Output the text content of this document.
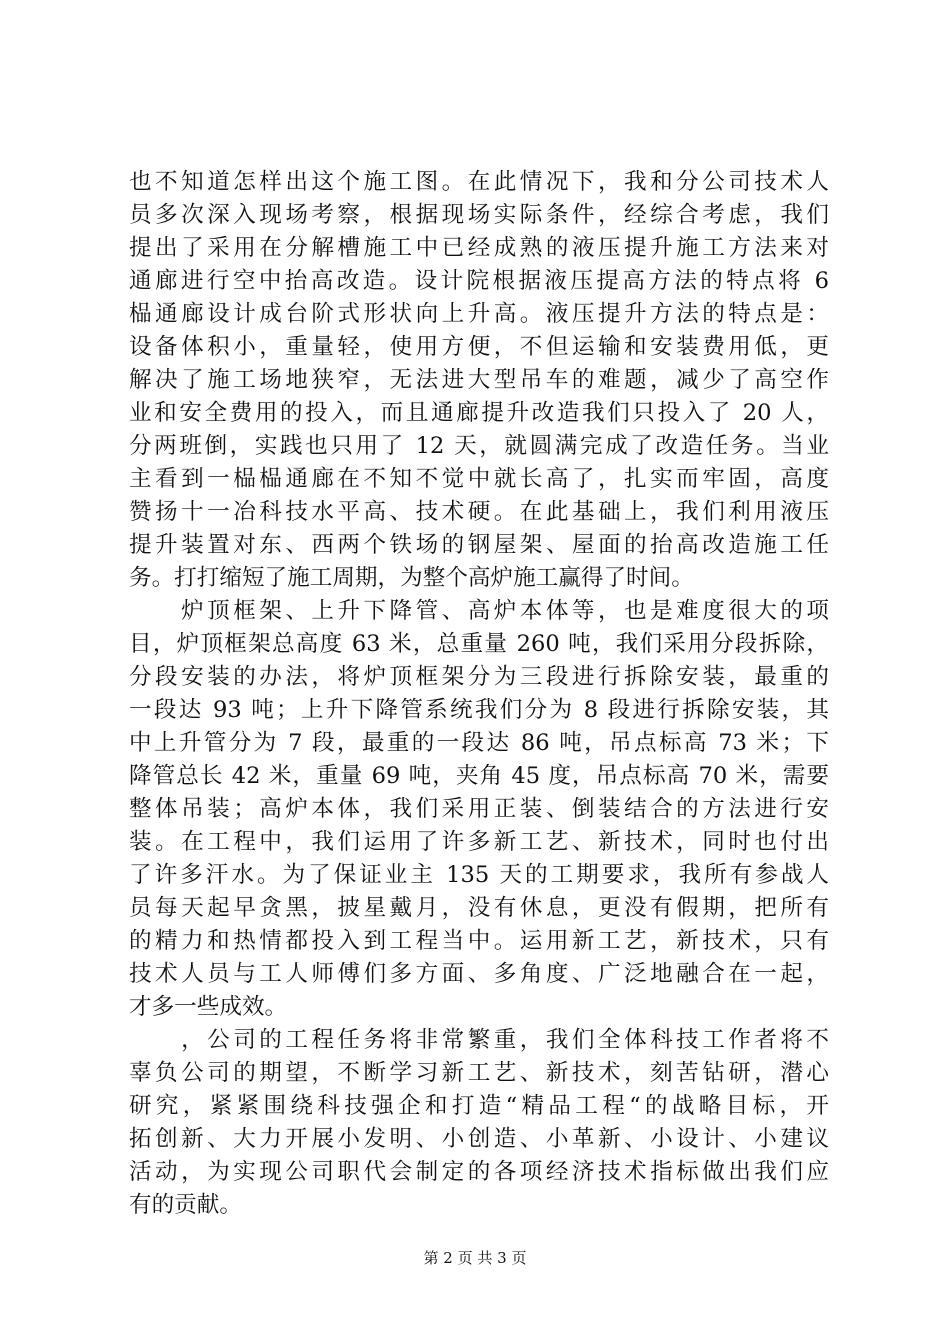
也不知道怎样出这个施工图。在此情况下，我和分公司技术人
员多次深入现场考察，根据现场实际条件，经综合考虑，我们
提出了采用在分解槽施工中已经成熟的液压提升施工方法来对
通廊进行空中抬高改造。设计院根据液压提高方法的特点将 6
榀通廊设计成台阶式形状向上升高。液压提升方法的特点是：
设备体积小，重量轻，使用方便，不但运输和安装费用低，更
解决了施工场地狭窄，无法进大型吊车的难题，减少了高空作
业和安全费用的投入，而且通廊提升改造我们只投入了 20 人，
分两班倒，实践也只用了 12 天，就圆满完成了改造任务。当业
主看到一榀榀通廊在不知不觉中就长高了，扎实而牢固，高度
赞扬十一冶科技水平高、技术硬。在此基础上，我们利用液压
提升装置对东、西两个铁场的钢屋架、屋面的抬高改造施工任
务。打打缩短了施工周期，为整个高炉施工赢得了时间。
　　炉顶框架、上升下降管、高炉本体等，也是难度很大的项
目，炉顶框架总高度 63 米，总重量 260 吨，我们采用分段拆除，
分段安装的办法，将炉顶框架分为三段进行拆除安装，最重的
一段达 93 吨；上升下降管系统我们分为 8 段进行拆除安装，其
中上升管分为 7 段，最重的一段达 86 吨，吊点标高 73 米；下
降管总长 42 米，重量 69 吨，夹角 45 度，吊点标高 70 米，需要
整体吊装；高炉本体，我们采用正装、倒装结合的方法进行安
装。在工程中，我们运用了许多新工艺、新技术，同时也付出
了许多汗水。为了保证业主 135 天的工期要求，我所有参战人
员每天起早贪黑，披星戴月，没有休息，更没有假期，把所有
的精力和热情都投入到工程当中。运用新工艺，新技术，只有
技术人员与工人师傅们多方面、多角度、广泛地融合在一起，
才多一些成效。
　　，公司的工程任务将非常繁重，我们全体科技工作者将不
辜负公司的期望，不断学习新工艺、新技术，刻苦钻研，潜心
研究，紧紧围绕科技强企和打造“精品工程“的战略目标，开
拓创新、大力开展小发明、小创造、小革新、小设计、小建议
活动，为实现公司职代会制定的各项经济技术指标做出我们应
有的贡献。
第 2 页 共 3 页
